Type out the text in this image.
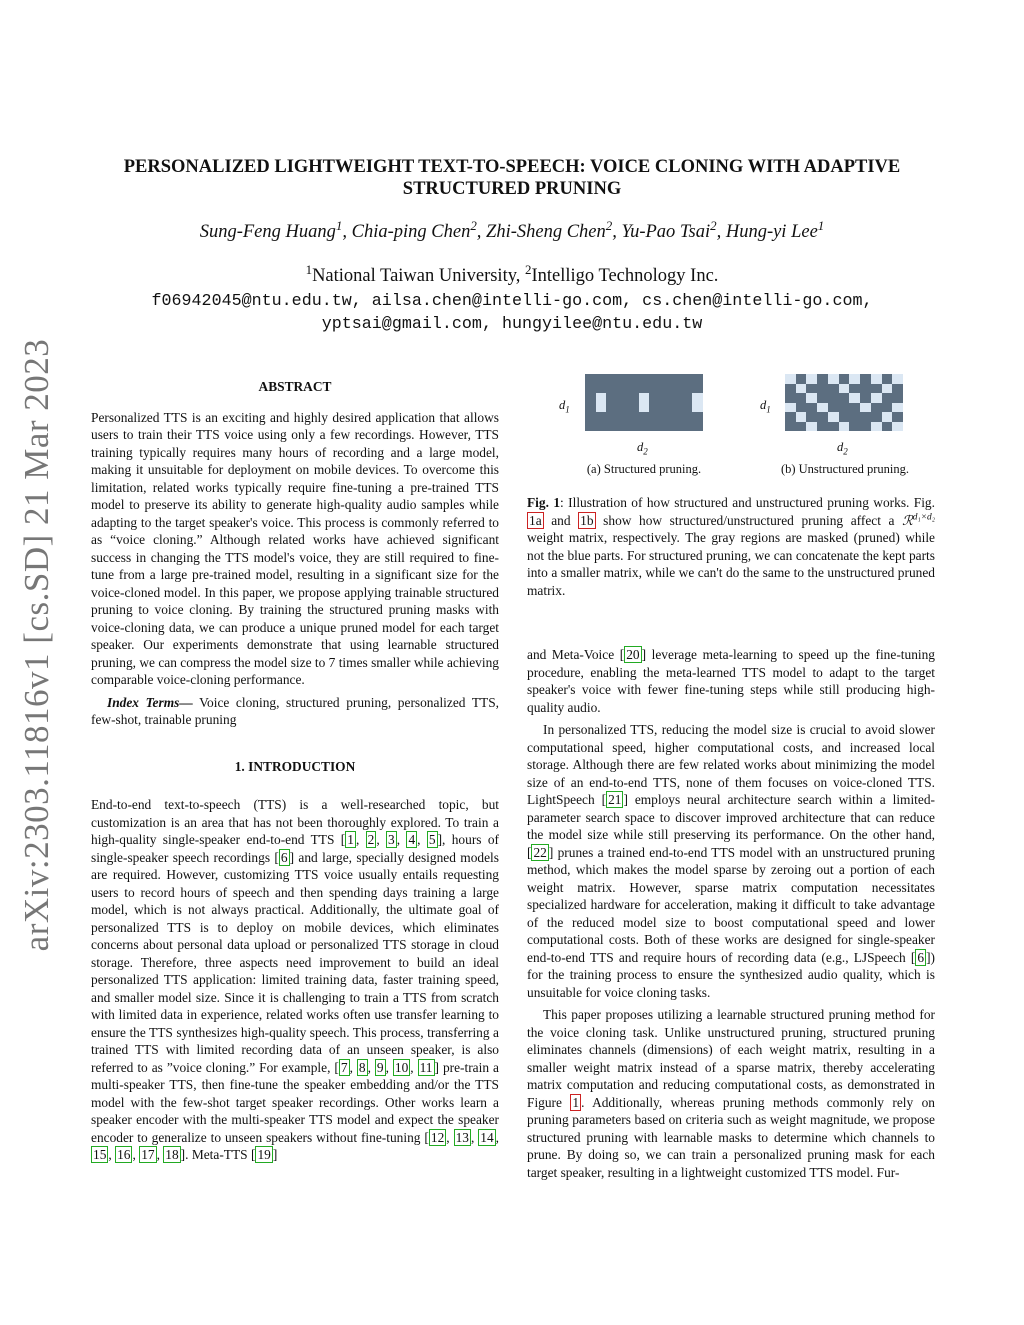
arXiv:2303.11816v1 [cs.SD] 21 Mar 2023
PERSONALIZED LIGHTWEIGHT TEXT-TO-SPEECH: VOICE CLONING WITH ADAPTIVE
STRUCTURED PRUNING
Sung-Feng Huang$^1$, Chia-ping Chen$^2$, Zhi-Sheng Chen$^2$, Yu-Pao Tsai$^2$, Hung-yi Lee$^1$
$^1$National Taiwan University, $^2$Intelligo Technology Inc.
f06942045@ntu.edu.tw, ailsa.chen@intelli-go.com, cs.chen@intelli-go.com,
yptsai@gmail.com, hungyilee@ntu.edu.tw

ABSTRACT

Personalized TTS is an exciting and highly desired application that allows users to train their TTS voice using only a few recordings. However, TTS training typically requires many hours of recording and a large model, making it unsuitable for deployment on mobile devices. To overcome this limitation, related works typically require fine-tuning a pre-trained TTS model to preserve its ability to generate high-quality audio samples while adapting to the target speaker's voice. This process is commonly referred to as “voice cloning.” Although related works have achieved significant success in changing the TTS model's voice, they are still required to fine-tune from a large pre-trained model, resulting in a significant size for the voice-cloned model. In this paper, we propose applying trainable structured pruning to voice cloning. By training the structured pruning masks with voice-cloning data, we can produce a unique pruned model for each target speaker. Our experiments demonstrate that using learnable structured pruning, we can compress the model size to 7 times smaller while achieving comparable voice-cloning performance.

Index Terms— Voice cloning, structured pruning, personalized TTS, few-shot, trainable pruning

1. INTRODUCTION

End-to-end text-to-speech (TTS) is a well-researched topic, but customization is an area that has not been thoroughly explored. To train a high-quality single-speaker end-to-end TTS [ 1 , 2 , 3 , 4 , 5 ], hours of single-speaker speech recordings [ 6 ] and large, specially designed models are required. However, customizing TTS voice usually entails requesting users to record hours of speech and then spending days training a large model, which is not always practical. Additionally, the ultimate goal of personalized TTS is to deploy on mobile devices, which eliminates concerns about personal data upload or personalized TTS storage in cloud storage. Therefore, three aspects need improvement to build an ideal personalized TTS application: limited training data, faster training speed, and smaller model size. Since it is challenging to train a TTS from scratch with limited data in experience, related works often use transfer learning to ensure the TTS synthesizes high-quality speech. This process, transferring a trained TTS with limited recording data of an unseen speaker, is also referred to as ”voice cloning.” For example, [ 7 , 8 , 9 , 10 , 11 ] pre-train a multi-speaker TTS, then fine-tune the speaker embedding and/or the TTS model with the few-shot target speaker recordings. Other works learn a speaker encoder with the multi-speaker TTS model and expect the speaker encoder to generalize to unseen speakers without fine-tuning [ 12 , 13 , 14 , 15 , 16 , 17 , 18 ]. Meta-TTS [ 19 ]

$d_1$
$d_2$
(a) Structured pruning.
$d_1$
$d_2$
(b) Unstructured pruning.

Fig. 1: Illustration of how structured and unstructured pruning works. Fig. 1a and 1b show how structured/unstructured pruning affect a ℛ$^{d_1\times d_2}$ weight matrix, respectively. The gray regions are masked (pruned) while not the blue parts. For structured pruning, we can concatenate the kept parts into a smaller matrix, while we can't do the same to the unstructured pruned matrix.

and Meta-Voice [ 20 ] leverage meta-learning to speed up the fine-tuning procedure, enabling the meta-learned TTS model to adapt to the target speaker's voice with fewer fine-tuning steps while still producing high-quality audio.

In personalized TTS, reducing the model size is crucial to avoid slower computational speed, higher computational costs, and increased local storage. Although there are few related works about minimizing the model size of an end-to-end TTS, none of them focuses on voice-cloned TTS. LightSpeech [ 21 ] employs neural architecture search within a limited-parameter search space to discover improved architecture that can reduce the model size while still preserving its performance. On the other hand, [ 22 ] prunes a trained end-to-end TTS model with an unstructured pruning method, which makes the model sparse by zeroing out a portion of each weight matrix. However, sparse matrix computation necessitates specialized hardware for acceleration, making it difficult to take advantage of the reduced model size to boost computational speed and lower computational costs. Both of these works are designed for single-speaker end-to-end TTS and require hours of recording data (e.g., LJSpeech [ 6 ]) for the training process to ensure the synthesized audio quality, which is unsuitable for voice cloning tasks.

This paper proposes utilizing a learnable structured pruning method for the voice cloning task. Unlike unstructured pruning, structured pruning eliminates channels (dimensions) of each weight matrix, resulting in a smaller weight matrix instead of a sparse matrix, thereby accelerating matrix computation and reducing computational costs, as demonstrated in Figure 1 . Additionally, whereas pruning methods commonly rely on pruning parameters based on criteria such as weight magnitude, we propose structured pruning with learnable masks to determine which channels to prune. By doing so, we can train a personalized pruning mask for each target speaker, resulting in a lightweight customized TTS model. Fur-
